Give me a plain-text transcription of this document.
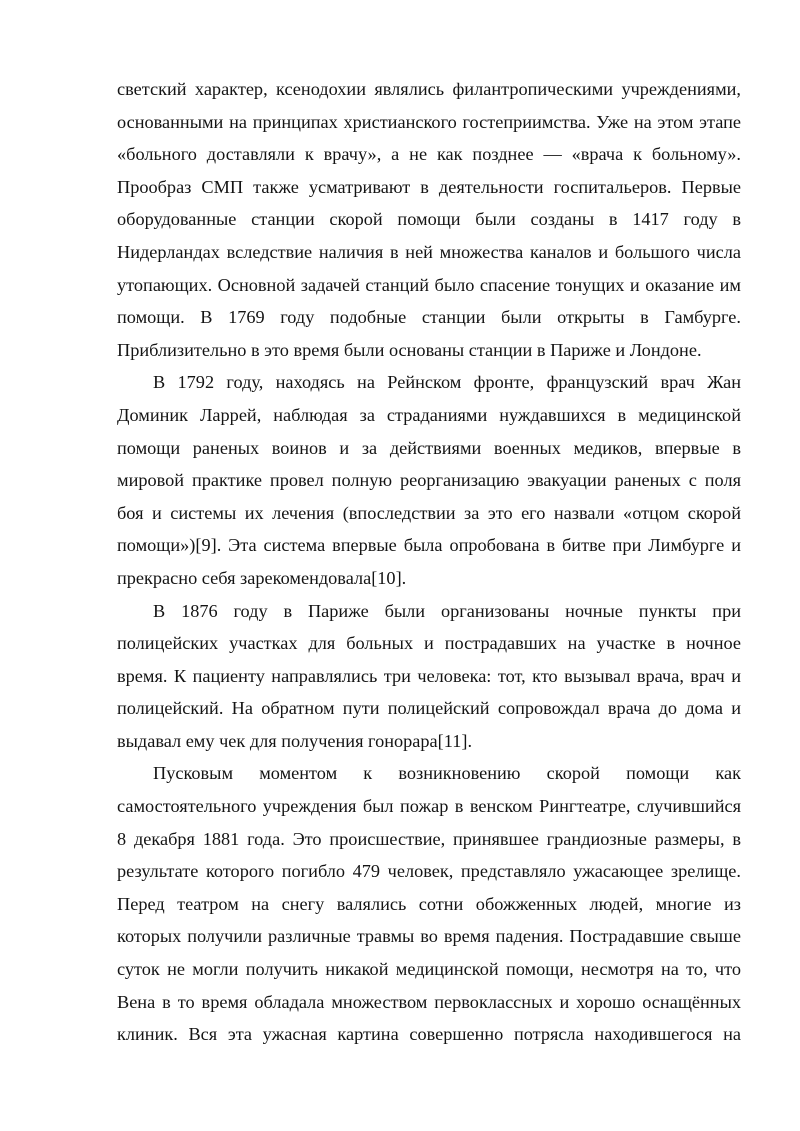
светский характер, ксенодохии являлись филантропическими учреждениями,
основанными на принципах христианского гостеприимства. Уже на этом этапе
«больного доставляли к врачу», а не как позднее — «врача к больному».
Прообраз СМП также усматривают в деятельности госпитальеров. Первые
оборудованные станции скорой помощи были созданы в 1417 году в
Нидерландах вследствие наличия в ней множества каналов и большого числа
утопающих. Основной задачей станций было спасение тонущих и оказание им
помощи. В 1769 году подобные станции были открыты в Гамбурге.
Приблизительно в это время были основаны станции в Париже и Лондоне.
В 1792 году, находясь на Рейнском фронте, французский врач Жан
Доминик Ларрей, наблюдая за страданиями нуждавшихся в медицинской
помощи раненых воинов и за действиями военных медиков, впервые в
мировой практике провел полную реорганизацию эвакуации раненых с поля
боя и системы их лечения (впоследствии за это его назвали «отцом скорой
помощи»)[9]. Эта система впервые была опробована в битве при Лимбурге и
прекрасно себя зарекомендовала[10].
В 1876 году в Париже были организованы ночные пункты при
полицейских участках для больных и пострадавших на участке в ночное
время. К пациенту направлялись три человека: тот, кто вызывал врача, врач и
полицейский. На обратном пути полицейский сопровождал врача до дома и
выдавал ему чек для получения гонорара[11].
Пусковым моментом к возникновению скорой помощи как
самостоятельного учреждения был пожар в венском Рингтеатре, случившийся
8 декабря 1881 года. Это происшествие, принявшее грандиозные размеры, в
результате которого погибло 479 человек, представляло ужасающее зрелище.
Перед театром на снегу валялись сотни обожженных людей, многие из
которых получили различные травмы во время падения. Пострадавшие свыше
суток не могли получить никакой медицинской помощи, несмотря на то, что
Вена в то время обладала множеством первоклассных и хорошо оснащённых
клиник. Вся эта ужасная картина совершенно потрясла находившегося на
